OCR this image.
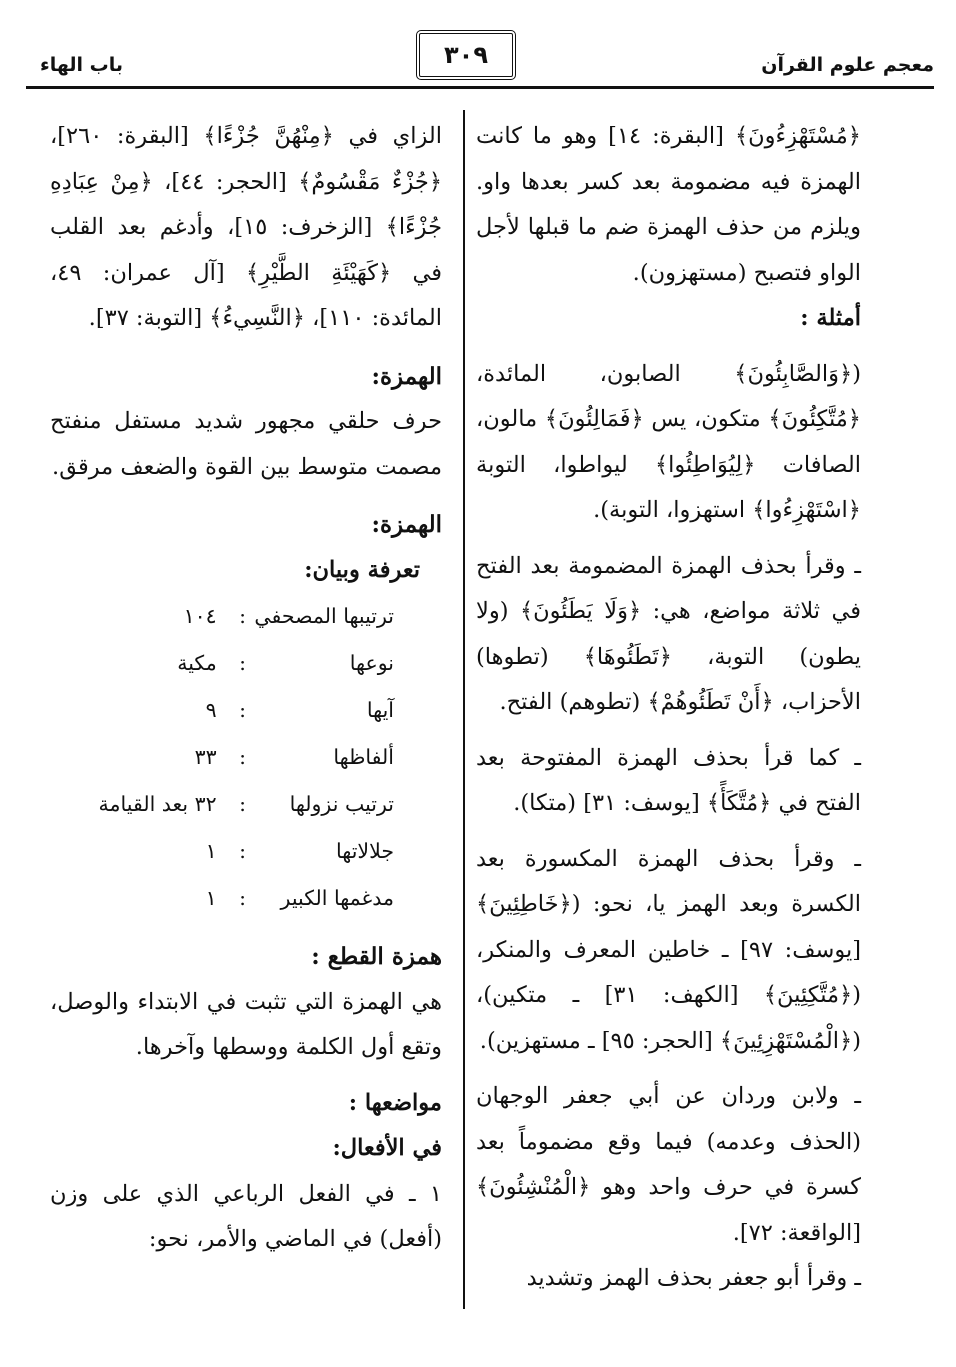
معجم علوم القرآن
٣٠٩
باب الهاء

﴿مُسْتَهْزِءُونَ﴾ [البقرة: ١٤] وهو ما كانت الهمزة فيه مضمومة بعد كسر بعدها واو. ويلزم من حذف الهمزة ضم ما قبلها لأجل الواو فتصبح (مستهزون).

أمثلة :

(﴿وَالصَّابِئُونَ﴾ الصابون، المائدة، ﴿مُتَّكِئُونَ﴾ متكون، يس ﴿فَمَالِئُونَ﴾ مالون، الصافات ﴿لِيُوَاطِئُوا﴾ ليواطوا، التوبة ﴿اسْتَهْزِءُوا﴾ استهزوا، التوبة).

ـ وقرأ بحذف الهمزة المضمومة بعد الفتح في ثلاثة مواضع، هي: ﴿وَلَا يَطَئُونَ﴾ (ولا يطون) التوبة، ﴿تَطَئُوهَا﴾ (تطوها) الأحزاب، ﴿أَنْ تَطَئُوهُمْ﴾ (تطوهم) الفتح.

ـ كما قرأ بحذف الهمزة المفتوحة بعد الفتح في ﴿مُتَّكَأً﴾ [يوسف: ٣١] (متكا).

ـ وقرأ بحذف الهمزة المكسورة بعد الكسرة وبعد الهمز يا، نحو: (﴿خَاطِئِينَ﴾ [يوسف: ٩٧] ـ خاطين المعرف والمنكر، (﴿مُتَّكِئِينَ﴾ [الكهف: ٣١] ـ متكين)، (﴿الْمُسْتَهْزِئِينَ﴾ [الحجر: ٩٥] ـ مستهزين).

ـ ولابن وردان عن أبي جعفر الوجهان (الحذف وعدمه) فيما وقع مضموماً بعد كسرة في حرف واحد وهو ﴿الْمُنْشِئُونَ﴾ [الواقعة: ٧٢].

ـ وقرأ أبو جعفر بحذف الهمز وتشديد

الزاي في ﴿مِنْهُنَّ جُزْءًا﴾ [البقرة: ٢٦٠]، ﴿جُزْءٌ مَقْسُومٌ﴾ [الحجر: ٤٤]، ﴿مِنْ عِبَادِهِ جُزْءًا﴾ [الزخرف: ١٥]، وأدغم بعد القلب في ﴿كَهَيْئَةِ الطَّيْرِ﴾ [آل عمران: ٤٩، المائدة: ١١٠]، ﴿النَّسِيءُ﴾ [التوبة: ٣٧].

الهمزة:

حرف حلقي مجهور شديد مستفل منفتح مصمت متوسط بين القوة والضعف مرقق.

الهمزة:

تعرفة وبيان:

ترتيبها المصحفي	:	١٠٤
نوعها	:	مكية
آيها	:	٩
ألفاظها	:	٣٣
ترتيب نزولها	:	٣٢ بعد القيامة
جلالاتها	:	١
مدغمها الكبير	:	١

همزة القطع :

هي الهمزة التي تثبت في الابتداء والوصل، وتقع أول الكلمة ووسطها وآخرها.

مواضعها :

في الأفعال:

١ ـ في الفعل الرباعي الذي على وزن (أفعل) في الماضي والأمر، نحو:
